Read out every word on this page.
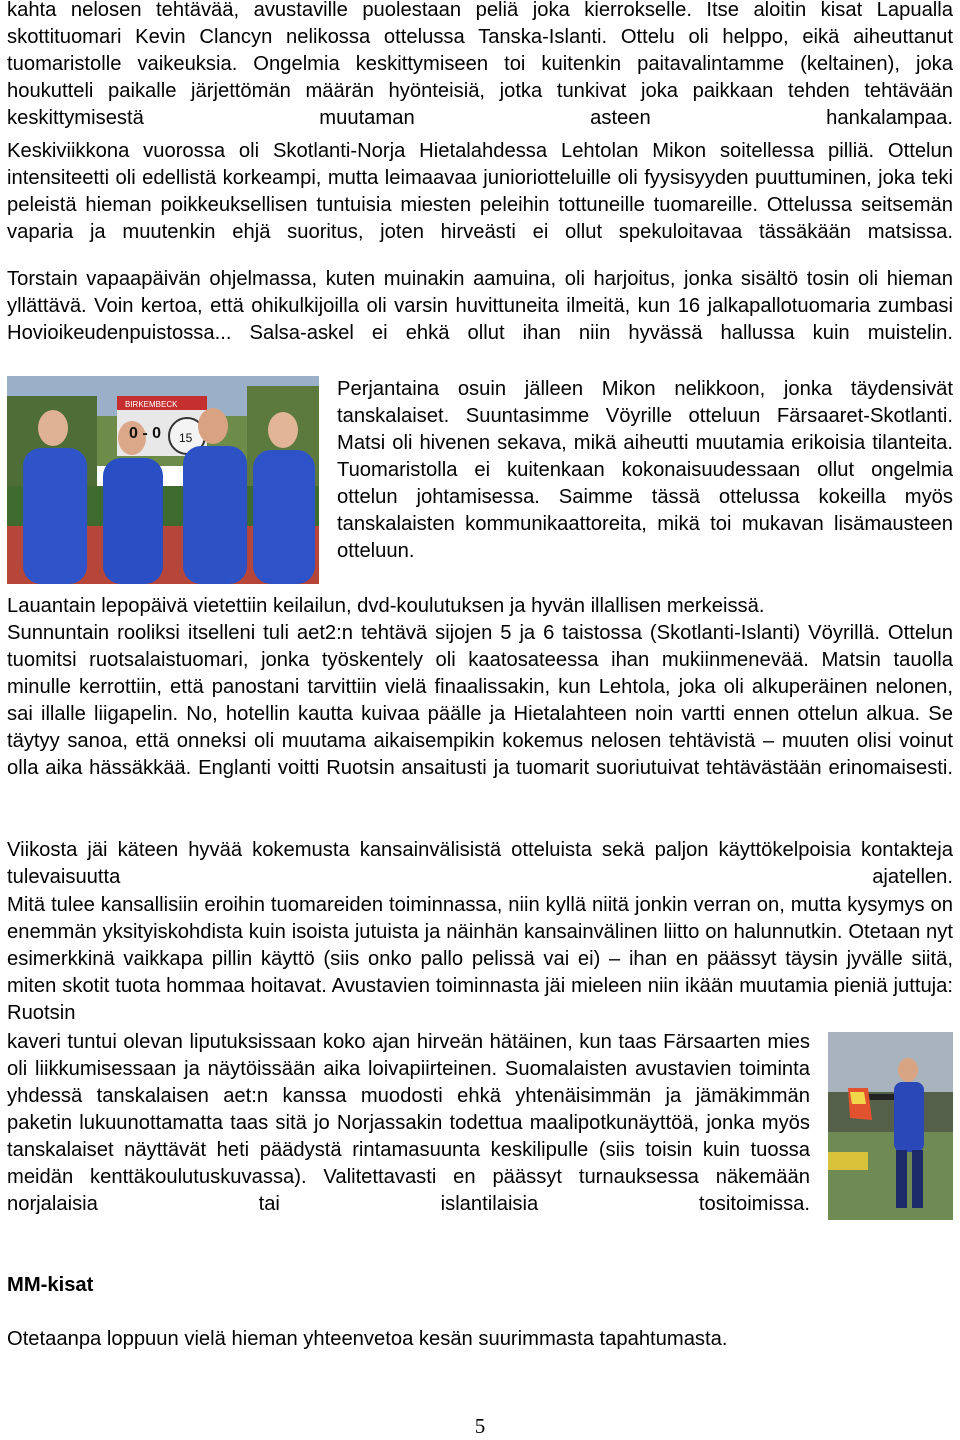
kahta nelosen tehtävää, avustaville puolestaan peliä joka kierrokselle. Itse aloitin kisat Lapualla skottituomari Kevin Clancyn nelikossa ottelussa Tanska-Islanti. Ottelu oli helppo, eikä aiheuttanut tuomaristolle vaikeuksia. Ongelmia keskittymiseen toi kuitenkin paitavalintamme (keltainen), joka houkutteli paikalle järjettömän määrän hyönteisiä, jotka tunkivat joka paikkaan tehden tehtävään keskittymisestä muutaman asteen hankalampaa.

Keskiviikkona vuorossa oli Skotlanti-Norja Hietalahdessa Lehtolan Mikon soitellessa pilliä. Ottelun intensiteetti oli edellistä korkeampi, mutta leimaavaa junioriotteluille oli fyysisyyden puuttuminen, joka teki peleistä hieman poikkeuksellisen tuntuisia miesten peleihin tottuneille tuomareille. Ottelussa seitsemän vaparia ja muutenkin ehjä suoritus, joten hirveästi ei ollut spekuloitavaa tässäkään matsissa.

Torstain vapaapäivän ohjelmassa, kuten muinakin aamuina, oli harjoitus, jonka sisältö tosin oli hieman yllättävä. Voin kertoa, että ohikulkijoilla oli varsin huvittuneita ilmeitä, kun 16 jalkapallotuomaria zumbasi Hovioikeudenpuistossa... Salsa-askel ei ehkä ollut ihan niin hyvässä hallussa kuin muistelin.

BIRKEMBECK
0 - 0 15

Perjantaina osuin jälleen Mikon nelikkoon, jonka täydensivät tanskalaiset. Suuntasimme Vöyrille otteluun Färsaaret-Skotlanti. Matsi oli hivenen sekava, mikä aiheutti muutamia erikoisia tilanteita. Tuomaristolla ei kuitenkaan kokonaisuudessaan ollut ongelmia ottelun johtamisessa. Saimme tässä ottelussa kokeilla myös tanskalaisten kommunikaattoreita, mikä toi mukavan lisämausteen otteluun.

Lauantain lepopäivä vietettiin keilailun, dvd-koulutuksen ja hyvän illallisen merkeissä.

Sunnuntain rooliksi itselleni tuli aet2:n tehtävä sijojen 5 ja 6 taistossa (Skotlanti-Islanti) Vöyrillä. Ottelun tuomitsi ruotsalaistuomari, jonka työskentely oli kaatosateessa ihan mukiinmenevää. Matsin tauolla minulle kerrottiin, että panostani tarvittiin vielä finaalissakin, kun Lehtola, joka oli alkuperäinen nelonen, sai illalle liigapelin. No, hotellin kautta kuivaa päälle ja Hietalahteen noin vartti ennen ottelun alkua. Se täytyy sanoa, että onneksi oli muutama aikaisempikin kokemus nelosen tehtävistä – muuten olisi voinut olla aika hässäkkää. Englanti voitti Ruotsin ansaitusti ja tuomarit suoriutuivat tehtävästään erinomaisesti.

Viikosta jäi käteen hyvää kokemusta kansainvälisistä otteluista sekä paljon käyttökelpoisia kontakteja tulevaisuutta ajatellen.

Mitä tulee kansallisiin eroihin tuomareiden toiminnassa, niin kyllä niitä jonkin verran on, mutta kysymys on enemmän yksityiskohdista kuin isoista jutuista ja näinhän kansainvälinen liitto on halunnutkin. Otetaan nyt esimerkkinä vaikkapa pillin käyttö (siis onko pallo pelissä vai ei) – ihan en päässyt täysin jyvälle siitä, miten skotit tuota hommaa hoitavat. Avustavien toiminnasta jäi mieleen niin ikään muutamia pieniä juttuja: Ruotsin

kaveri tuntui olevan liputuksissaan koko ajan hirveän hätäinen, kun taas Färsaarten mies oli liikkumisessaan ja näytöissään aika loivapiirteinen. Suomalaisten avustavien toiminta yhdessä tanskalaisen aet:n kanssa muodosti ehkä yhtenäisimmän ja jämäkimmän paketin lukuunottamatta taas sitä jo Norjassakin todettua maalipotkunäyttöä, jonka myös tanskalaiset näyttävät heti päädystä rintamasuunta keskilipulle (siis toisin kuin tuossa meidän kenttäkoulutuskuvassa). Valitettavasti en päässyt turnauksessa näkemään norjalaisia tai islantilaisia tositoimissa.

MM-kisat

Otetaanpa loppuun vielä hieman yhteenvetoa kesän suurimmasta tapahtumasta.

5
